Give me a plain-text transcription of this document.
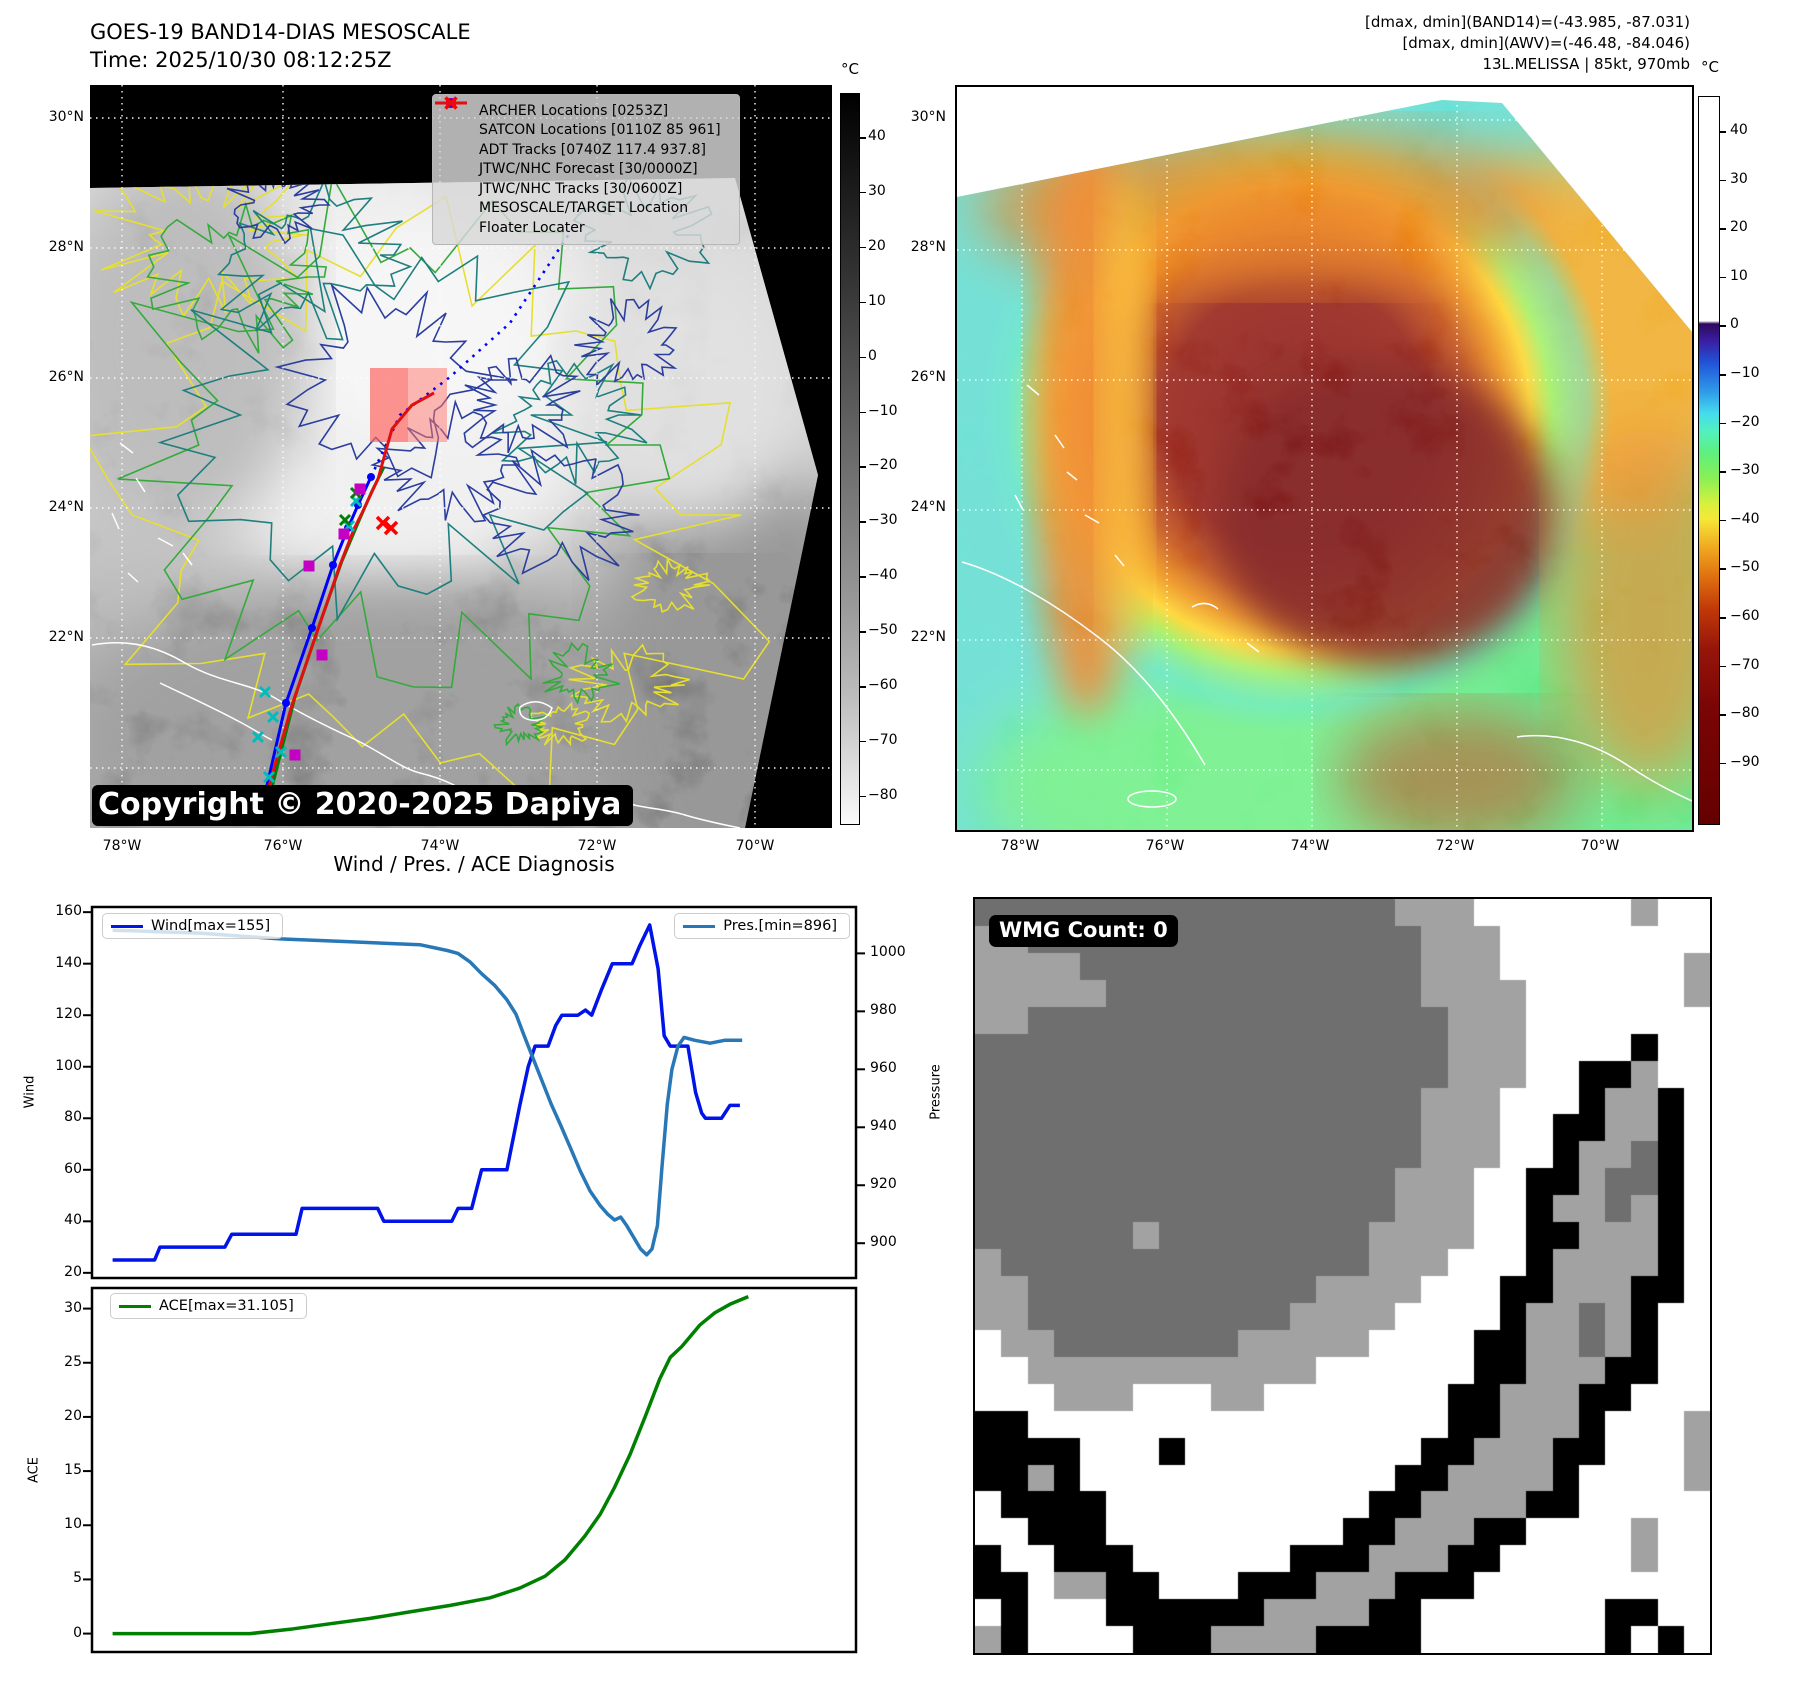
GOES-19 BAND14-DIAS MESOSCALE
Time: 2025/10/30 08:12:25Z
[dmax, dmin](BAND14)=(-43.985, -87.031)
[dmax, dmin](AWV)=(-46.48, -84.046)
13L.MELISSA | 85kt, 970mb
ARCHER Locations [0253Z]
SATCON Locations [0110Z 85 961]
ADT Tracks [0740Z 117.4 937.8]
JTWC/NHC Forecast [30/0000Z]
JTWC/NHC Tracks [30/0600Z]
MESOSCALE/TARGET Location
Floater Locater
Copyright © 2020-2025 Dapiya
°C	°C
Wind / Pres. / ACE Diagnosis
Wind[max=155]	Pres.[min=896]
ACE[max=31.105]
Wind	Pressure
ACE
WMG Count: 0
30°N
28°N
26°N
24°N
22°N
78°W	76°W	74°W	72°W	70°W
30°N
28°N
26°N
24°N
22°N
78°W	76°W	74°W	72°W	70°W
40
30
20
10
0
−10
−20
−30
−40
−50
−60
−70
−80
40
30
20
10
0
−10
−20
−30
−40
−50
−60
−70
−80
−90
160
140
120
100
80
60
40
20
1000
980
960
940
920
900
30
25
20
15
10
5
0
